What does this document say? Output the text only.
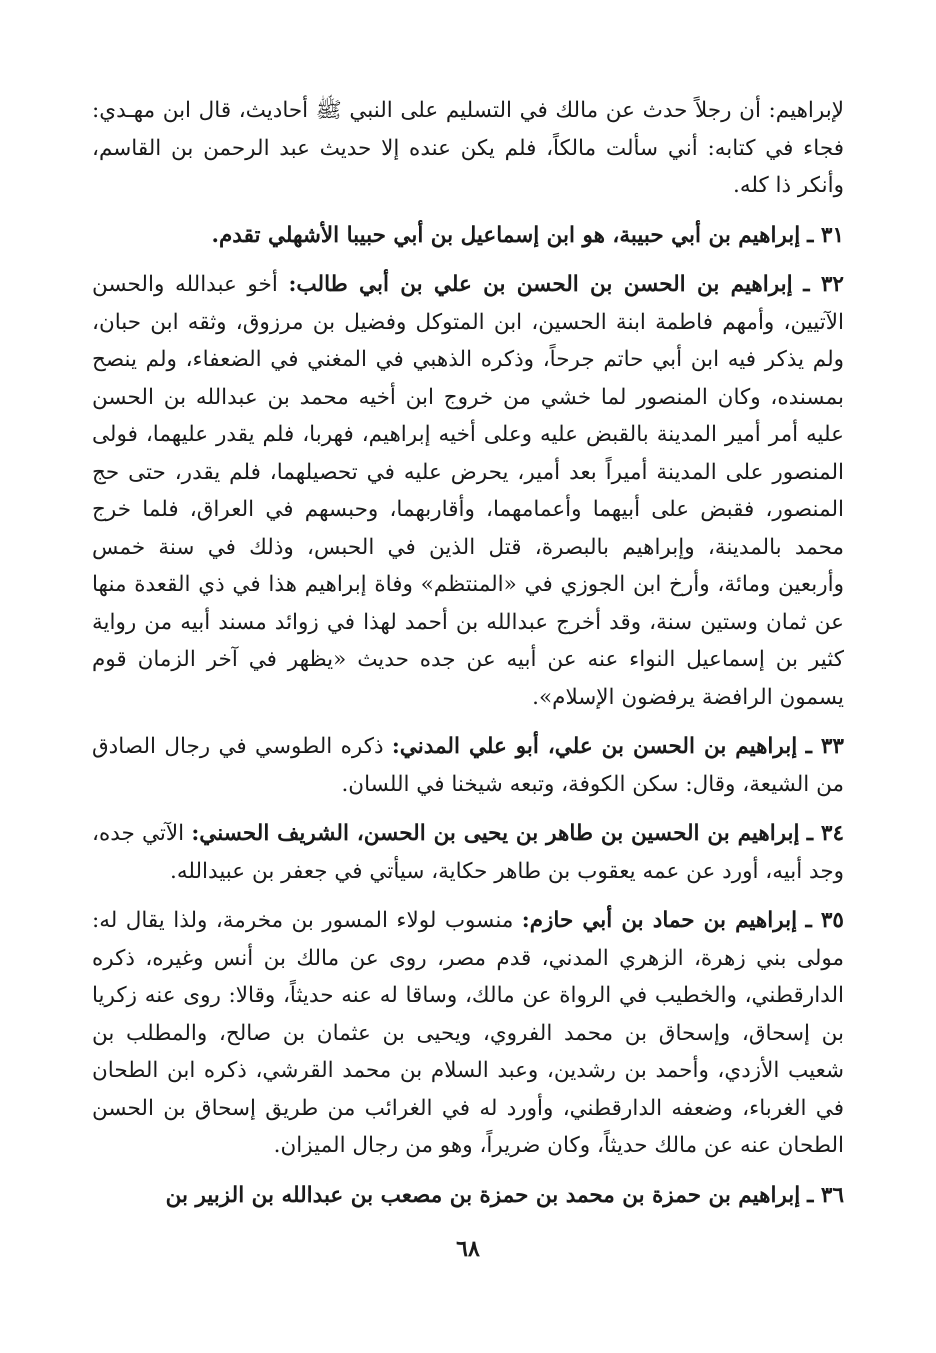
لإبراهيم: أن رجلاً حدث عن مالك في التسليم على النبي ﷺ أحاديث، قال ابن مهـدي: فجاء في كتابه: أني سألت مالكاً، فلم يكن عنده إلا حديث عبد الرحمن بن القاسم، وأنكر ذا كله.

٣١ ـ إبراهيم بن أبي حبيبة، هو ابن إسماعيل بن أبي حبيبا الأشهلي تقدم.

٣٢ ـ إبراهيم بن الحسن بن الحسن بن علي بن أبي طالب: أخو عبدالله والحسن الآتيين، وأمهم فاطمة ابنة الحسين، ابن المتوكل وفضيل بن مرزوق، وثقه ابن حبان، ولم يذكر فيه ابن أبي حاتم جرحاً، وذكره الذهبي في المغني في الضعفاء، ولم ينصح بمسنده، وكان المنصور لما خشي من خروج ابن أخيه محمد بن عبدالله بن الحسن عليه أمر أمير المدينة بالقبض عليه وعلى أخيه إبراهيم، فهربا، فلم يقدر عليهما، فولى المنصور على المدينة أميراً بعد أمير، يحرض عليه في تحصيلهما، فلم يقدر، حتى حج المنصور، فقبض على أبيهما وأعمامهما، وأقاربهما، وحبسهم في العراق، فلما خرج محمد بالمدينة، وإبراهيم بالبصرة، قتل الذين في الحبس، وذلك في سنة خمس وأربعين ومائة، وأرخ ابن الجوزي في «المنتظم» وفاة إبراهيم هذا في ذي القعدة منها عن ثمان وستين سنة، وقد أخرج عبدالله بن أحمد لهذا في زوائد مسند أبيه من رواية كثير بن إسماعيل النواء عنه عن أبيه عن جده حديث «يظهر في آخر الزمان قوم يسمون الرافضة يرفضون الإسلام».

٣٣ ـ إبراهيم بن الحسن بن علي، أبو علي المدني: ذكره الطوسي في رجال الصادق من الشيعة، وقال: سكن الكوفة، وتبعه شيخنا في اللسان.

٣٤ ـ إبراهيم بن الحسين بن طاهر بن يحيى بن الحسن، الشريف الحسني: الآتي جده، وجد أبيه، أورد عن عمه يعقوب بن طاهر حكاية، سيأتي في جعفر بن عبيدالله.

٣٥ ـ إبراهيم بن حماد بن أبي حازم: منسوب لولاء المسور بن مخرمة، ولذا يقال له: مولى بني زهرة، الزهري المدني، قدم مصر، روى عن مالك بن أنس وغيره، ذكره الدارقطني، والخطيب في الرواة عن مالك، وساقا له عنه حديثاً، وقالا: روى عنه زكريا بن إسحاق، وإسحاق بن محمد الفروي، ويحيى بن عثمان بن صالح، والمطلب بن شعيب الأزدي، وأحمد بن رشدين، وعبد السلام بن محمد القرشي، ذكره ابن الطحان في الغرباء، وضعفه الدارقطني، وأورد له في الغرائب من طريق إسحاق بن الحسن الطحان عنه عن مالك حديثاً، وكان ضريراً، وهو من رجال الميزان.

٣٦ ـ إبراهيم بن حمزة بن محمد بن حمزة بن مصعب بن عبدالله بن الزبير بن

٦٨
